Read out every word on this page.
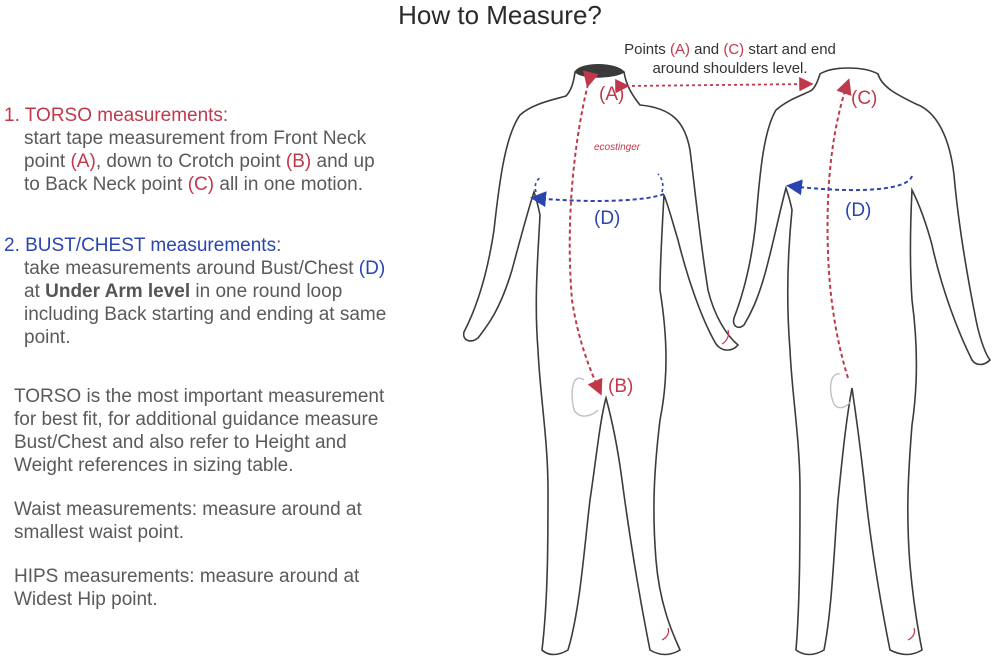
How to Measure?
1. TORSO measurements:
start tape measurement from Front Neck
point (A), down to Crotch point (B) and up
to Back Neck point (C) all in one motion.
2. BUST/CHEST measurements:
take measurements around Bust/Chest (D)
at Under Arm level in one round loop
including Back starting and ending at same
point.
TORSO is the most important measurement
for best fit, for additional guidance measure
Bust/Chest and also refer to Height and
Weight references in sizing table.
Waist measurements: measure around at
smallest waist point.
HIPS measurements: measure around at
Widest Hip point.
ecostinger
Points (A) and (C) start and end
around shoulders level.
(A)
(B)
(C)
(D)	(D)
